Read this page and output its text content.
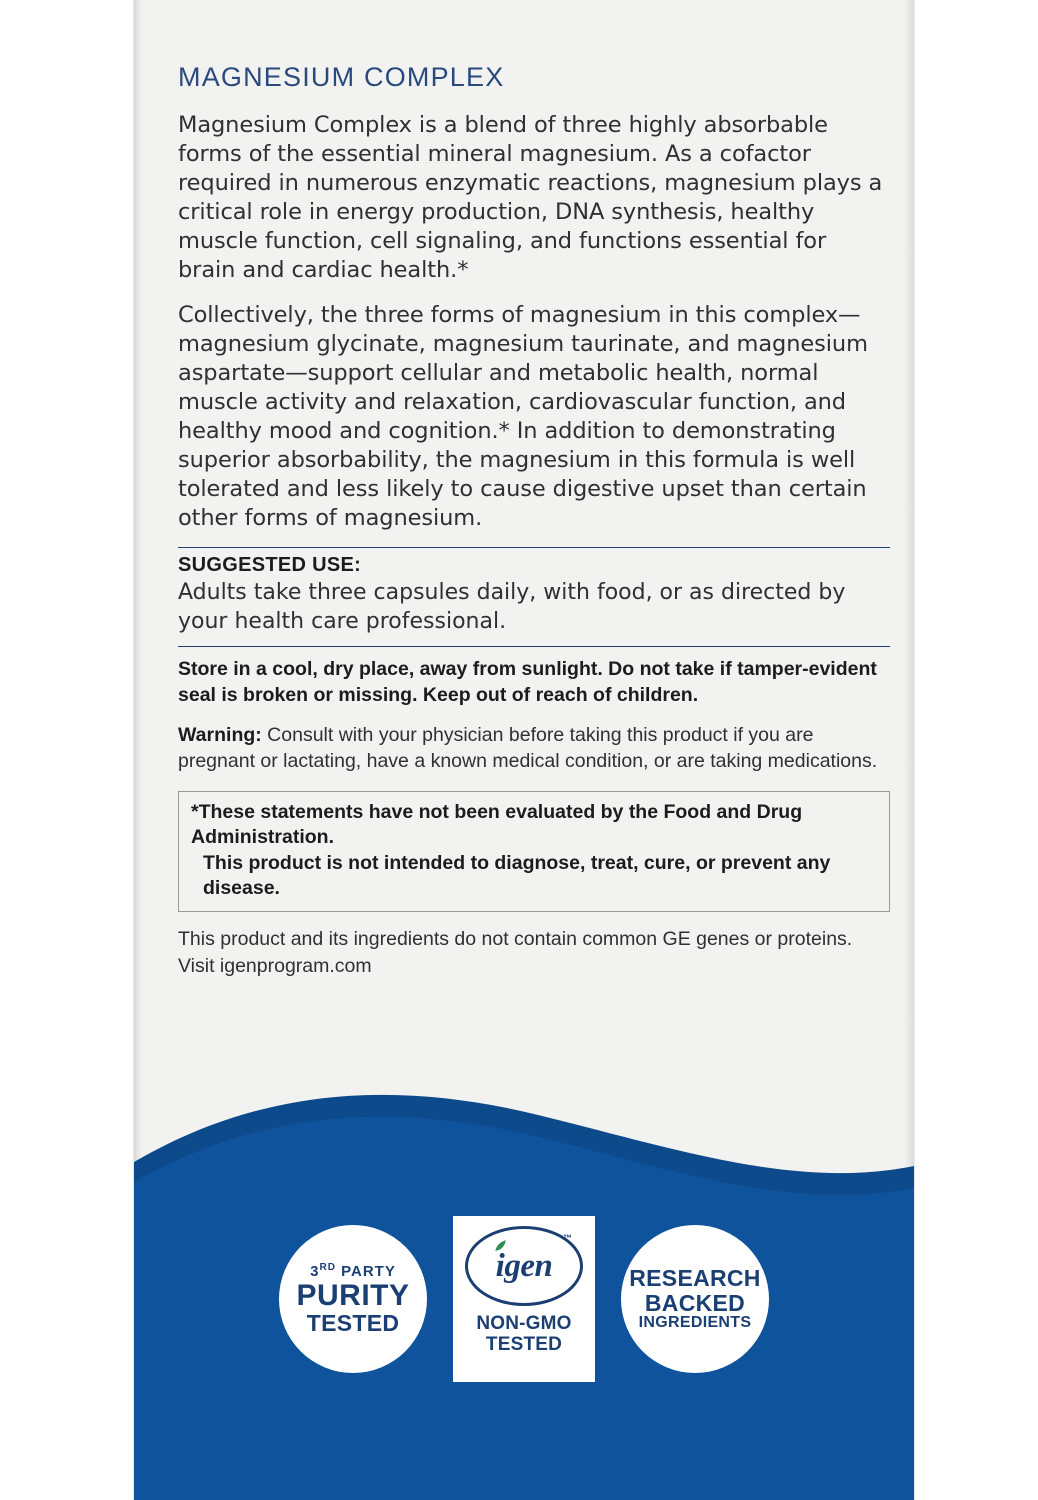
MAGNESIUM COMPLEX

Magnesium Complex is a blend of three highly absorbable forms of the essential mineral magnesium. As a cofactor required in numerous enzymatic reactions, magnesium plays a critical role in energy production, DNA synthesis, healthy muscle function, cell signaling, and functions essential for brain and cardiac health.*

Collectively, the three forms of magnesium in this complex—magnesium glycinate, magnesium taurinate, and magnesium aspartate—support cellular and metabolic health, normal muscle activity and relaxation, cardiovascular function, and healthy mood and cognition.* In addition to demonstrating superior absorbability, the magnesium in this formula is well tolerated and less likely to cause digestive upset than certain other forms of magnesium.

SUGGESTED USE:

Adults take three capsules daily, with food, or as directed by your health care professional.

Store in a cool, dry place, away from sunlight. Do not take if tamper-evident seal is broken or missing. Keep out of reach of children.

Warning: Consult with your physician before taking this product if you are pregnant or lactating, have a known medical condition, or are taking medications.

*These statements have not been evaluated by the Food and Drug Administration.

This product is not intended to diagnose, treat, cure, or prevent any disease.

This product and its ingredients do not contain common GE genes or proteins.

Visit igenprogram.com

3RD PARTY
PURITY
TESTED
igen
™
NON-GMO
TESTED
RESEARCH
BACKED
INGREDIENTS
